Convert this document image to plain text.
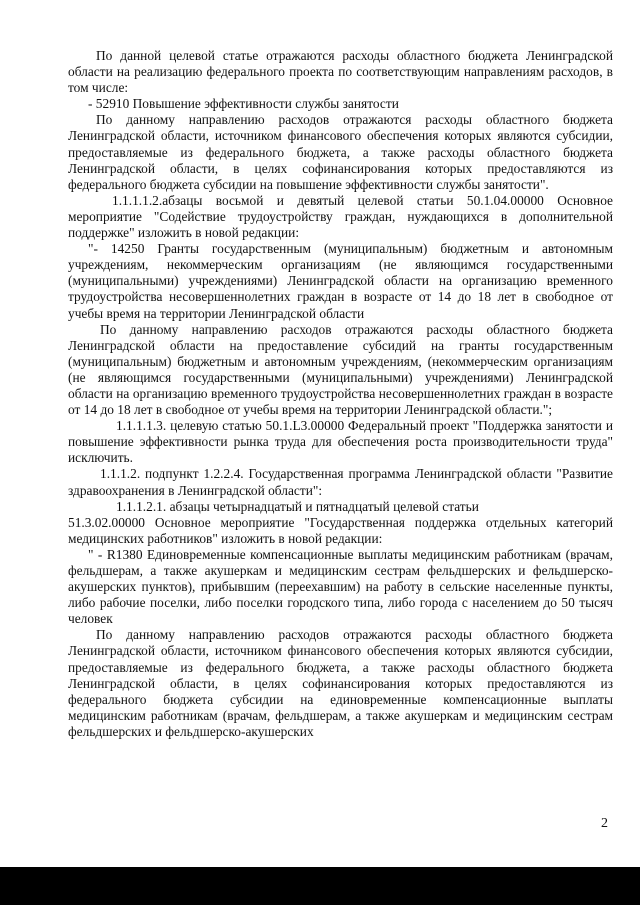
По данной целевой статье отражаются расходы областного бюджета Ленинградской области на реализацию федерального проекта по соответствующим направлениям расходов, в том числе:

- 52910 Повышение эффективности службы занятости

По данному направлению расходов отражаются расходы областного бюджета Ленинградской области, источником финансового обеспечения которых являются субсидии, предоставляемые из федерального бюджета, а также расходы областного бюджета Ленинградской области, в целях софинансирования которых предоставляются из федерального бюджета субсидии на повышение эффективности службы занятости".

1.1.1.1.2.абзацы восьмой и девятый целевой статьи 50.1.04.00000 Основное мероприятие "Содействие трудоустройству граждан, нуждающихся в дополнительной поддержке" изложить в новой редакции:

"- 14250 Гранты государственным (муниципальным) бюджетным и автономным учреждениям, некоммерческим организациям (не являющимся государственными (муниципальными) учреждениями) Ленинградской области на организацию временного трудоустройства несовершеннолетних граждан в возрасте от 14 до 18 лет в свободное от учебы время на территории Ленинградской области

По данному направлению расходов отражаются расходы областного бюджета Ленинградской области на предоставление субсидий на гранты государственным (муниципальным) бюджетным и автономным учреждениям, (некоммерческим организациям (не являющимся государственными (муниципальными) учреждениями) Ленинградской области на организацию временного трудоустройства несовершеннолетних граждан в возрасте от 14 до 18 лет в свободное от учебы время на территории Ленинградской области.";

1.1.1.1.3. целевую статью 50.1.L3.00000 Федеральный проект "Поддержка занятости и повышение эффективности рынка труда для обеспечения роста производительности труда" исключить.

1.1.1.2. подпункт 1.2.2.4. Государственная программа Ленинградской области "Развитие здравоохранения в Ленинградской области":

1.1.1.2.1. абзацы четырнадцатый и пятнадцатый целевой статьи

51.3.02.00000 Основное мероприятие "Государственная поддержка отдельных категорий медицинских работников" изложить в новой редакции:

" - R1380 Единовременные компенсационные выплаты медицинским работникам (врачам, фельдшерам, а также акушеркам и медицинским сестрам фельдшерских и фельдшерско-акушерских пунктов), прибывшим (переехавшим) на работу в сельские населенные пункты, либо рабочие поселки, либо поселки городского типа, либо города с населением до 50 тысяч человек

По данному направлению расходов отражаются расходы областного бюджета Ленинградской области, источником финансового обеспечения которых являются субсидии, предоставляемые из федерального бюджета, а также расходы областного бюджета Ленинградской области, в целях софинансирования которых предоставляются из федерального бюджета субсидии на единовременные компенсационные выплаты медицинским работникам (врачам, фельдшерам, а также акушеркам и медицинским сестрам фельдшерских и фельдшерско-акушерских

2
